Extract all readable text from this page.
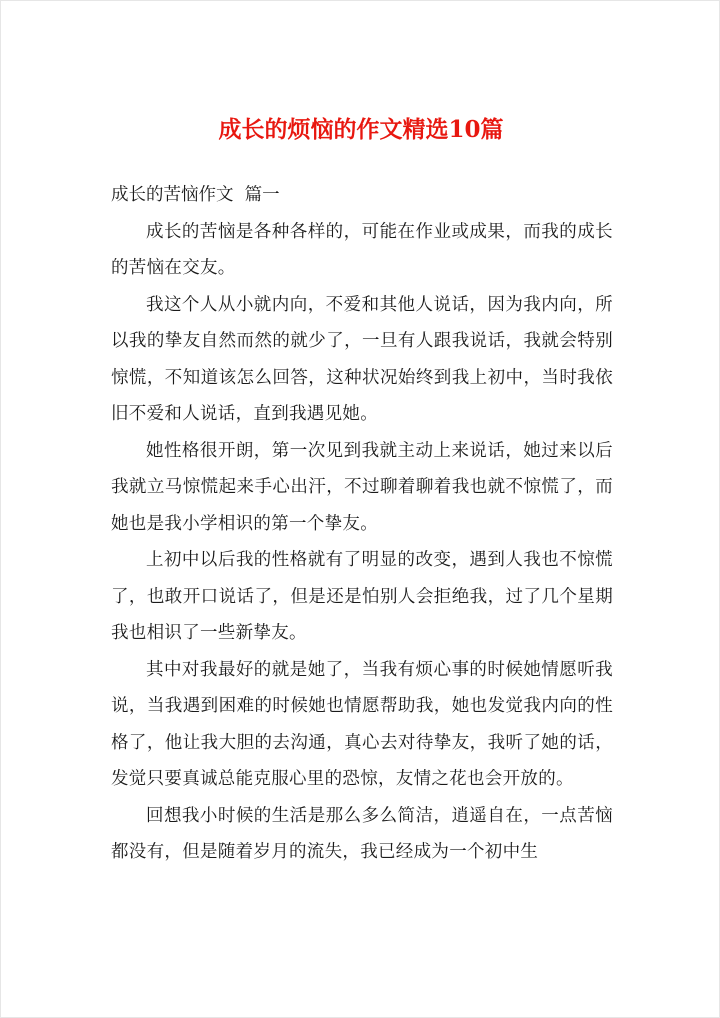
成长的烦恼的作文精选10篇

成长的苦恼作文  篇一

成长的苦恼是各种各样的，可能在作业或成果，而我的成长的苦恼在交友。

我这个人从小就内向，不爱和其他人说话，因为我内向，所以我的挚友自然而然的就少了，一旦有人跟我说话，我就会特别惊慌，不知道该怎么回答，这种状况始终到我上初中，当时我依旧不爱和人说话，直到我遇见她。

她性格很开朗，第一次见到我就主动上来说话，她过来以后我就立马惊慌起来手心出汗，不过聊着聊着我也就不惊慌了，而她也是我小学相识的第一个挚友。

上初中以后我的性格就有了明显的改变，遇到人我也不惊慌了，也敢开口说话了，但是还是怕别人会拒绝我，过了几个星期我也相识了一些新挚友。

其中对我最好的就是她了，当我有烦心事的时候她情愿听我说，当我遇到困难的时候她也情愿帮助我，她也发觉我内向的性格了，他让我大胆的去沟通，真心去对待挚友，我听了她的话，发觉只要真诚总能克服心里的恐惊，友情之花也会开放的。

回想我小时候的生活是那么多么简洁，逍遥自在，一点苦恼都没有，但是随着岁月的流失，我已经成为一个初中生
